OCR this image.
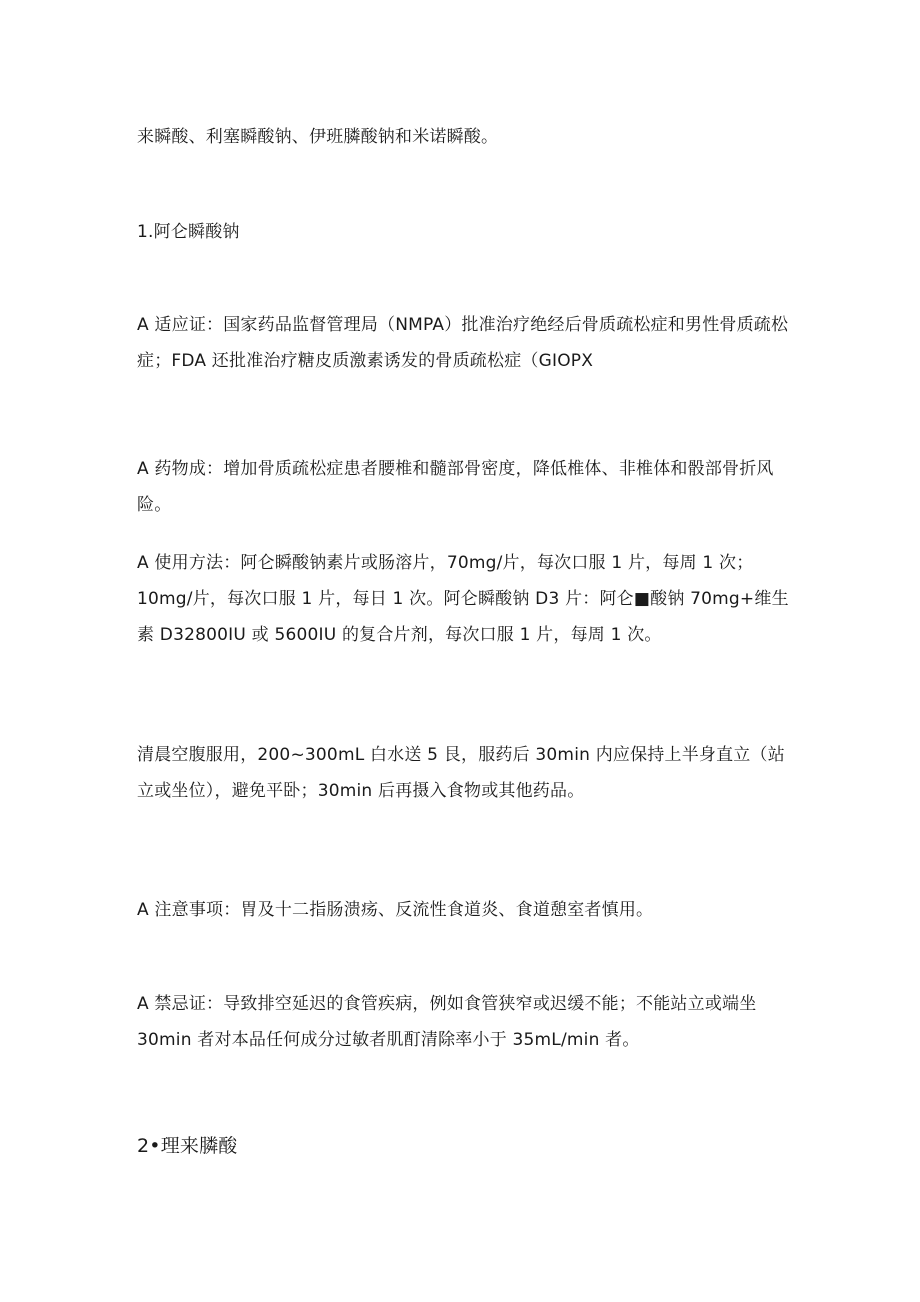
来瞬酸、利塞瞬酸钠、伊班膦酸钠和米诺瞬酸。

1.阿仑瞬酸钠

A 适应证：国家药品监督管理局（NMPA）批准治疗绝经后骨质疏松症和男性骨质疏松症；FDA 还批准治疗糖皮质激素诱发的骨质疏松症（GIOPX

A 药物成：增加骨质疏松症患者腰椎和髓部骨密度，降低椎体、非椎体和骰部骨折风险。

A 使用方法：阿仑瞬酸钠素片或肠溶片，70mg/片，每次口服 1 片，每周 1 次；10mg/片，每次口服 1 片，每日 1 次。阿仑瞬酸钠 D3 片：阿仑■酸钠 70mg+维生素 D32800IU 或 5600IU 的复合片剂，每次口服 1 片，每周 1 次。

清晨空腹服用，200~300mL 白水送 5 艮，服药后 30min 内应保持上半身直立（站立或坐位），避免平卧；30min 后再摄入食物或其他药品。

A 注意事项：胃及十二指肠溃疡、反流性食道炎、食道憩室者慎用。

A 禁忌证：导致排空延迟的食管疾病，例如食管狭窄或迟缓不能；不能站立或端坐 30min 者对本品任何成分过敏者肌酊清除率小于 35mL/min 者。

2•理来膦酸
